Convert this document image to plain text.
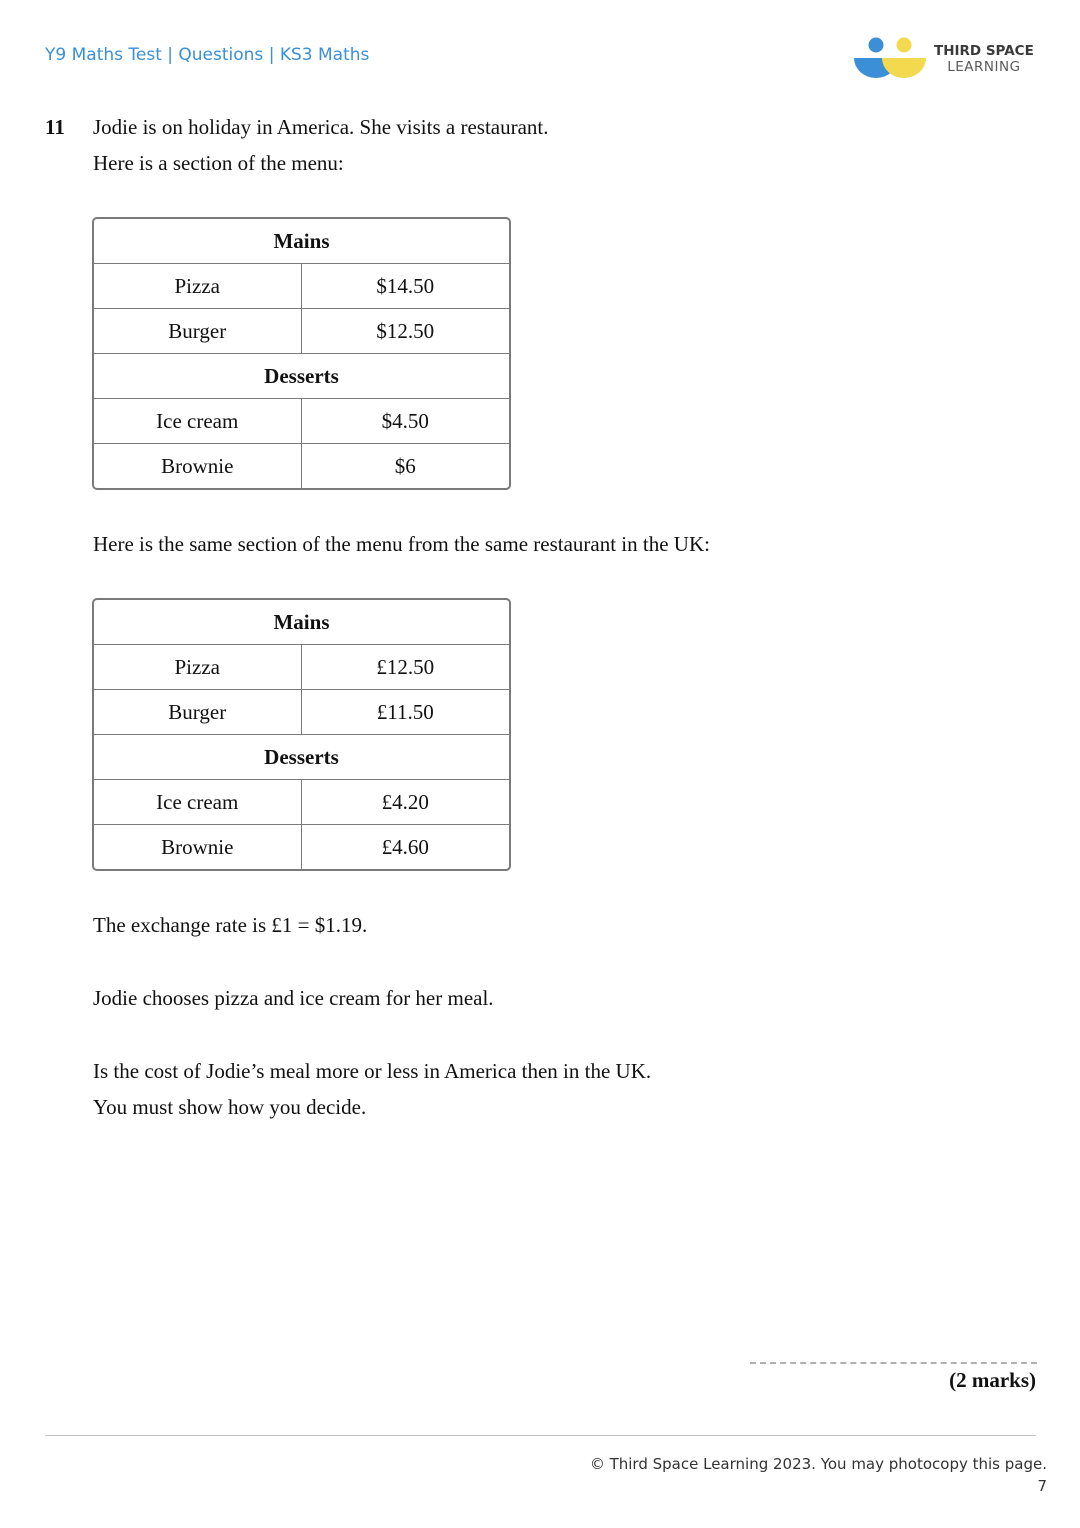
Y9 Maths Test | Questions | KS3 Maths	THIRD SPACE
LEARNING
11 Jodie is on holiday in America. She visits a restaurant.
Here is a section of the menu:
Mains	
Pizza	$14.50
Burger	$12.50
Desserts	
Ice cream	$4.50
Brownie	$6
Here is the same section of the menu from the same restaurant in the UK:
Mains	
Pizza	£12.50
Burger	£11.50
Desserts	
Ice cream	£4.20
Brownie	£4.60
The exchange rate is £1 = $1.19.
Jodie chooses pizza and ice cream for her meal.
Is the cost of Jodie’s meal more or less in America then in the UK.
You must show how you decide.
(2 marks)
© Third Space Learning 2023. You may photocopy this page.
7
